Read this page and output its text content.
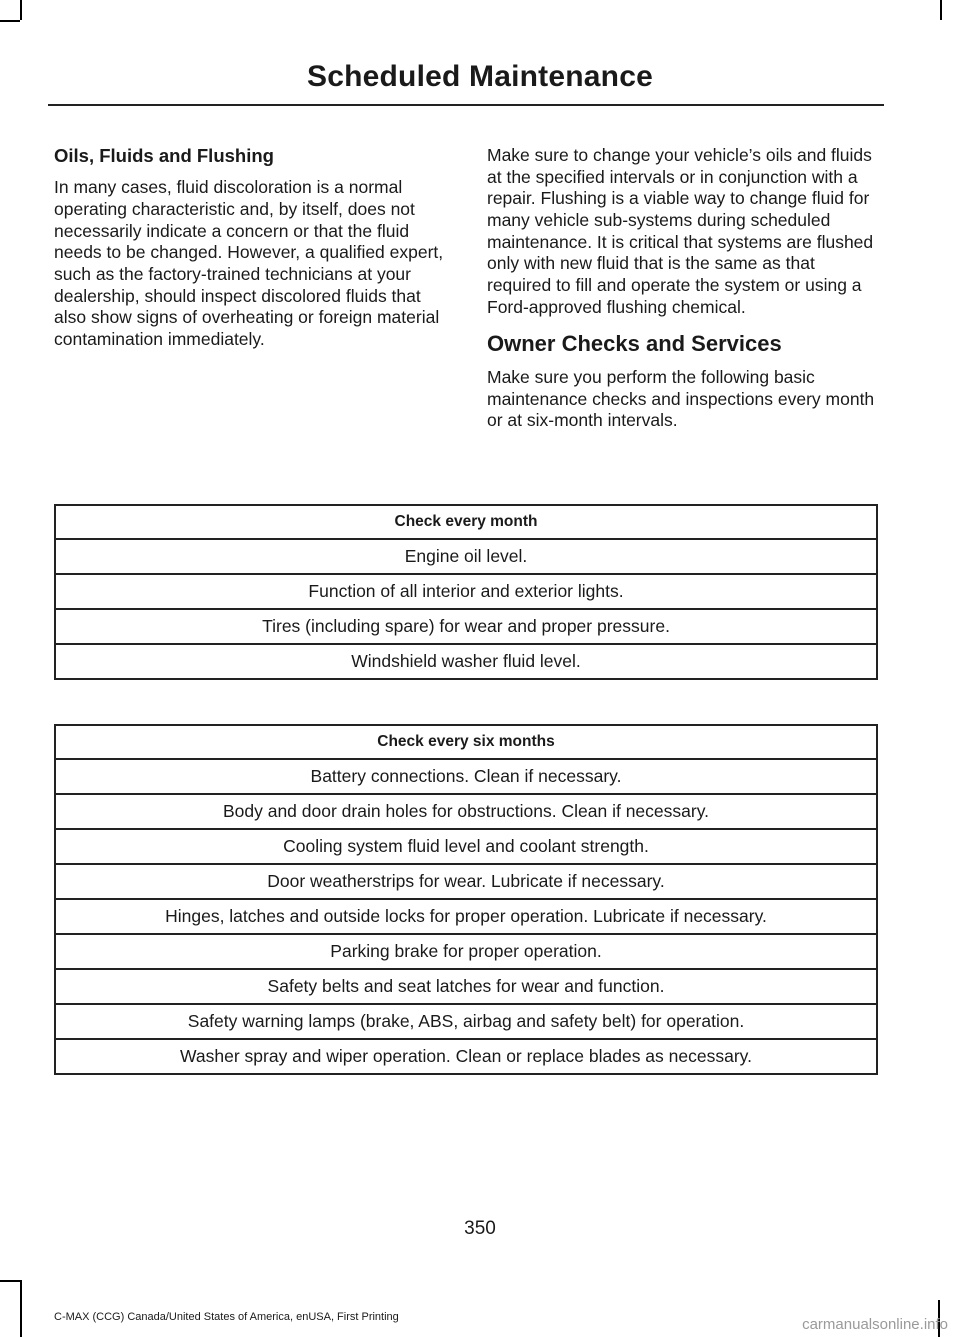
Scheduled Maintenance
Oils, Fluids and Flushing

In many cases, fluid discoloration is a normal operating characteristic and, by itself, does not necessarily indicate a concern or that the fluid needs to be changed. However, a qualified expert, such as the factory-trained technicians at your dealership, should inspect discolored fluids that also show signs of overheating or foreign material contamination immediately.

Make sure to change your vehicle’s oils and fluids at the specified intervals or in conjunction with a repair. Flushing is a viable way to change fluid for many vehicle sub-systems during scheduled maintenance. It is critical that systems are flushed only with new fluid that is the same as that required to fill and operate the system or using a Ford-approved flushing chemical.

Owner Checks and Services

Make sure you perform the following basic maintenance checks and inspections every month or at six-month intervals.

Check every month
Engine oil level.
Function of all interior and exterior lights.
Tires (including spare) for wear and proper pressure.
Windshield washer fluid level.
Check every six months
Battery connections. Clean if necessary.
Body and door drain holes for obstructions. Clean if necessary.
Cooling system fluid level and coolant strength.
Door weatherstrips for wear. Lubricate if necessary.
Hinges, latches and outside locks for proper operation. Lubricate if necessary.
Parking brake for proper operation.
Safety belts and seat latches for wear and function.
Safety warning lamps (brake, ABS, airbag and safety belt) for operation.
Washer spray and wiper operation. Clean or replace blades as necessary.
350
C-MAX (CCG) Canada/United States of America, enUSA, First Printing	carmanualsonline.info
